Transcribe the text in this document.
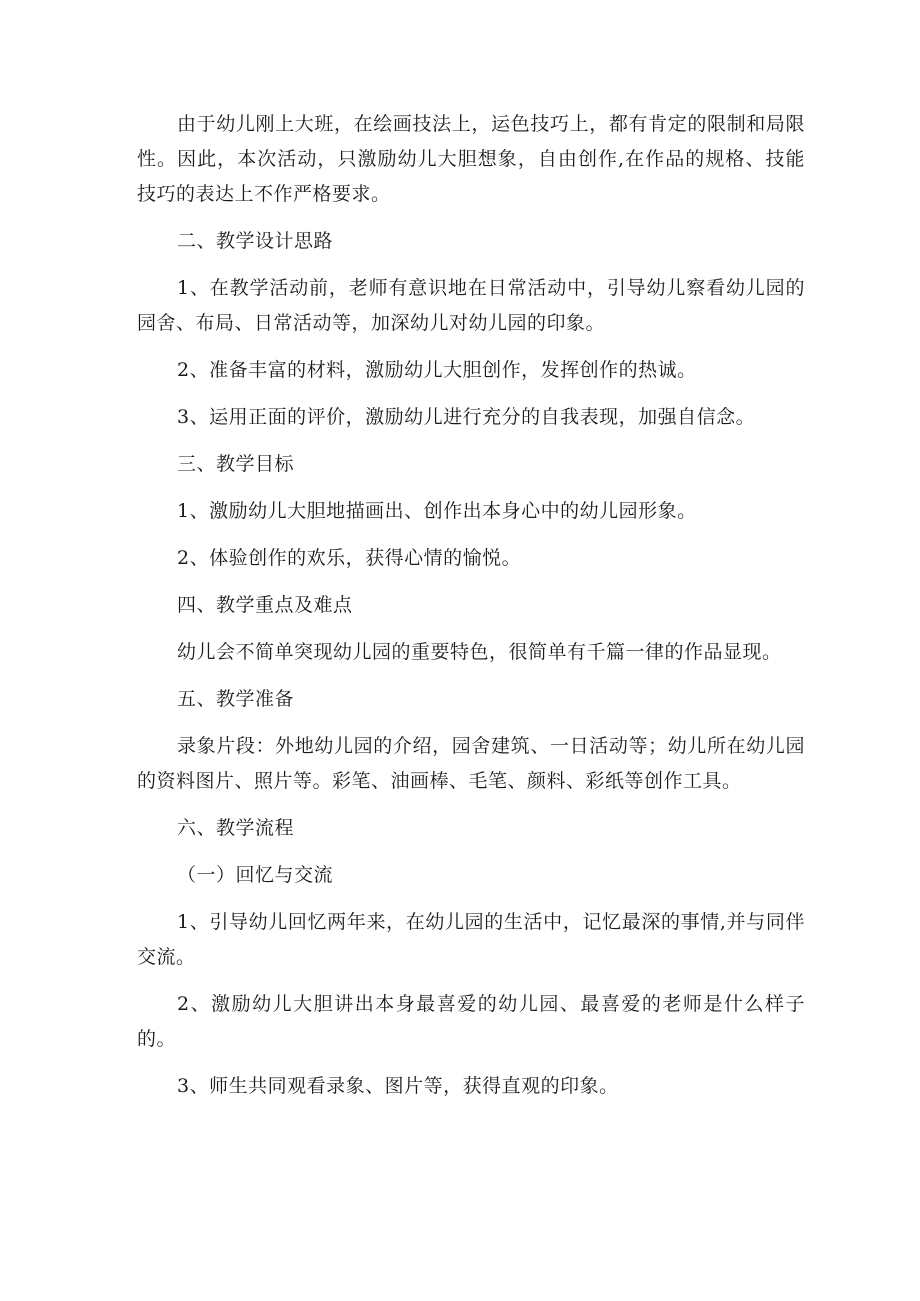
由于幼儿刚上大班，在绘画技法上，运色技巧上，都有肯定的限制和局限性。因此，本次活动，只激励幼儿大胆想象，自由创作,在作品的规格、技能技巧的表达上不作严格要求。

二、教学设计思路

1、在教学活动前，老师有意识地在日常活动中，引导幼儿察看幼儿园的园舍、布局、日常活动等，加深幼儿对幼儿园的印象。

2、准备丰富的材料，激励幼儿大胆创作，发挥创作的热诚。

3、运用正面的评价，激励幼儿进行充分的自我表现，加强自信念。

三、教学目标

1、激励幼儿大胆地描画出、创作出本身心中的幼儿园形象。

2、体验创作的欢乐，获得心情的愉悦。

四、教学重点及难点

幼儿会不简单突现幼儿园的重要特色，很简单有千篇一律的作品显现。

五、教学准备

录象片段：外地幼儿园的介绍，园舍建筑、一日活动等；幼儿所在幼儿园的资料图片、照片等。彩笔、油画棒、毛笔、颜料、彩纸等创作工具。

六、教学流程

（一）回忆与交流

1、引导幼儿回忆两年来，在幼儿园的生活中，记忆最深的事情,并与同伴交流。

2、激励幼儿大胆讲出本身最喜爱的幼儿园、最喜爱的老师是什么样子的。

3、师生共同观看录象、图片等，获得直观的印象。
